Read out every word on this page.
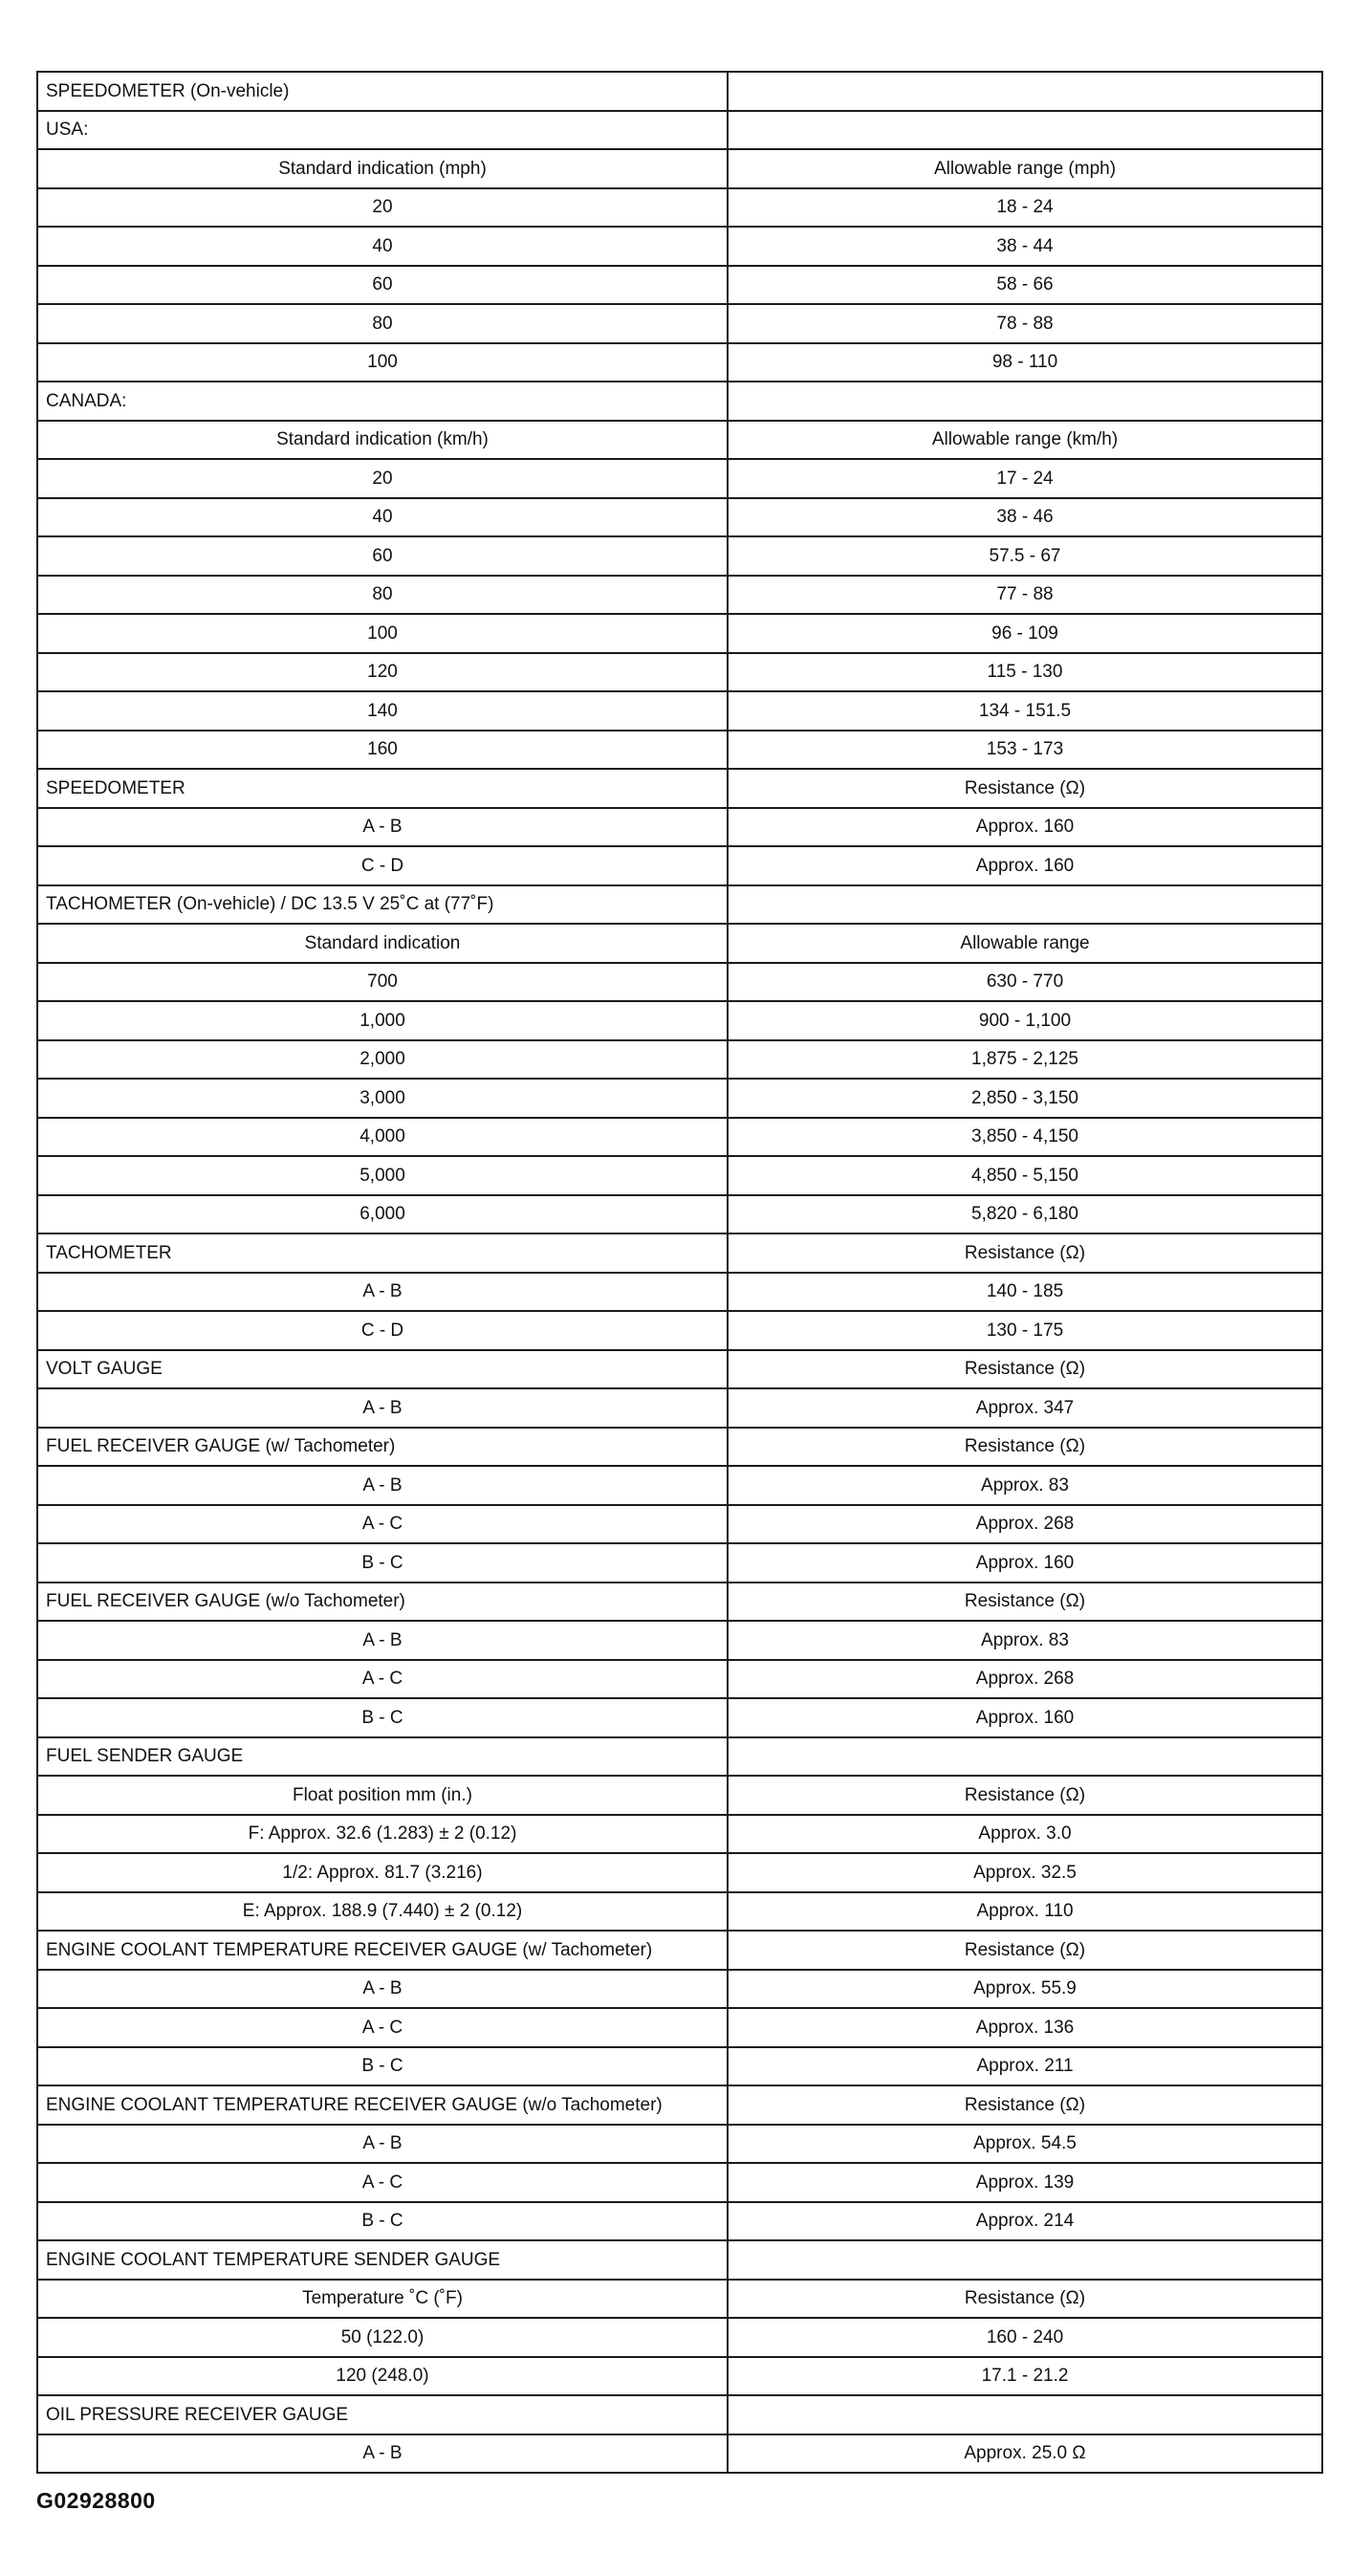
SPEEDOMETER (On-vehicle)	
USA:	
Standard indication (mph)	Allowable range (mph)
20	18 - 24
40	38 - 44
60	58 - 66
80	78 - 88
100	98 - 110
CANADA:	
Standard indication (km/h)	Allowable range (km/h)
20	17 - 24
40	38 - 46
60	57.5 - 67
80	77 - 88
100	96 - 109
120	115 - 130
140	134 - 151.5
160	153 - 173
SPEEDOMETER	Resistance (Ω)
A - B	Approx. 160
C - D	Approx. 160
TACHOMETER (On-vehicle) / DC 13.5 V 25˚C at (77˚F)	
Standard indication	Allowable range
700	630 - 770
1,000	900 - 1,100
2,000	1,875 - 2,125
3,000	2,850 - 3,150
4,000	3,850 - 4,150
5,000	4,850 - 5,150
6,000	5,820 - 6,180
TACHOMETER	Resistance (Ω)
A - B	140 - 185
C - D	130 - 175
VOLT GAUGE	Resistance (Ω)
A - B	Approx. 347
FUEL RECEIVER GAUGE (w/ Tachometer)	Resistance (Ω)
A - B	Approx. 83
A - C	Approx. 268
B - C	Approx. 160
FUEL RECEIVER GAUGE (w/o Tachometer)	Resistance (Ω)
A - B	Approx. 83
A - C	Approx. 268
B - C	Approx. 160
FUEL SENDER GAUGE	
Float position mm (in.)	Resistance (Ω)
F: Approx. 32.6 (1.283) ± 2 (0.12)	Approx. 3.0
1/2: Approx. 81.7 (3.216)	Approx. 32.5
E: Approx. 188.9 (7.440) ± 2 (0.12)	Approx. 110
ENGINE COOLANT TEMPERATURE RECEIVER GAUGE (w/ Tachometer)	Resistance (Ω)
A - B	Approx. 55.9
A - C	Approx. 136
B - C	Approx. 211
ENGINE COOLANT TEMPERATURE RECEIVER GAUGE (w/o Tachometer)	Resistance (Ω)
A - B	Approx. 54.5
A - C	Approx. 139
B - C	Approx. 214
ENGINE COOLANT TEMPERATURE SENDER GAUGE	
Temperature ˚C (˚F)	Resistance (Ω)
50 (122.0)	160 - 240
120 (248.0)	17.1 - 21.2
OIL PRESSURE RECEIVER GAUGE	
A - B	Approx. 25.0 Ω
G02928800
